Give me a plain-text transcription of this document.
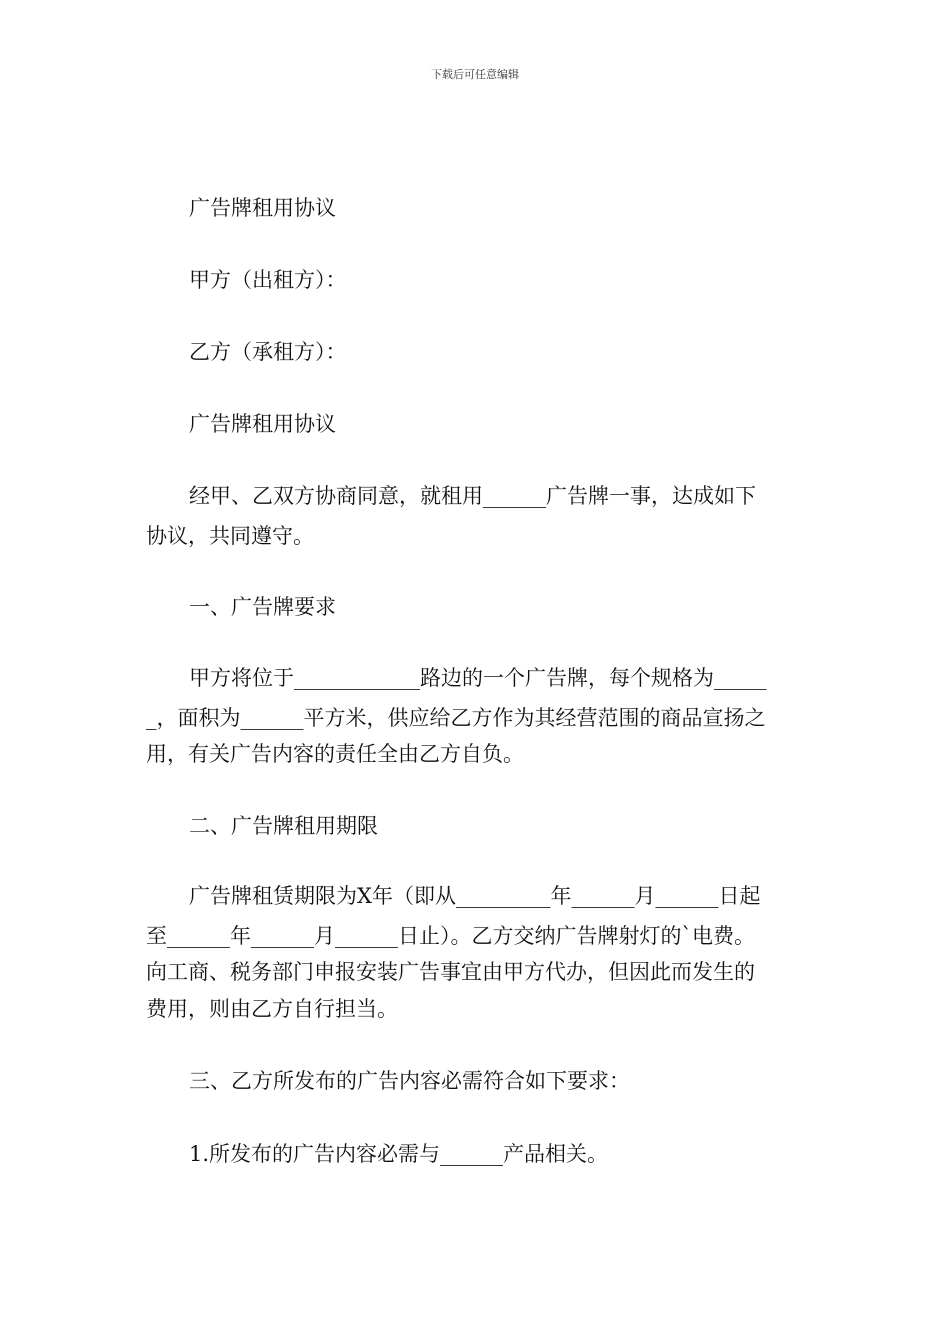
下载后可任意编辑
广告牌租用协议
甲方（出租方）：
乙方（承租方）：
广告牌租用协议
经甲、乙双方协商同意，就租用______广告牌一事，达成如下
协议，共同遵守。
一、广告牌要求
甲方将位于____________路边的一个广告牌，每个规格为_____
_，面积为______平方米，供应给乙方作为其经营范围的商品宣扬之
用，有关广告内容的责任全由乙方自负。
二、广告牌租用期限
广告牌租赁期限为X年（即从_________年______月______日起
至______年______月______日止）。乙方交纳广告牌射灯的`电费。
向工商、税务部门申报安装广告事宜由甲方代办，但因此而发生的
费用，则由乙方自行担当。
三、乙方所发布的广告内容必需符合如下要求：
1.所发布的广告内容必需与______产品相关。
